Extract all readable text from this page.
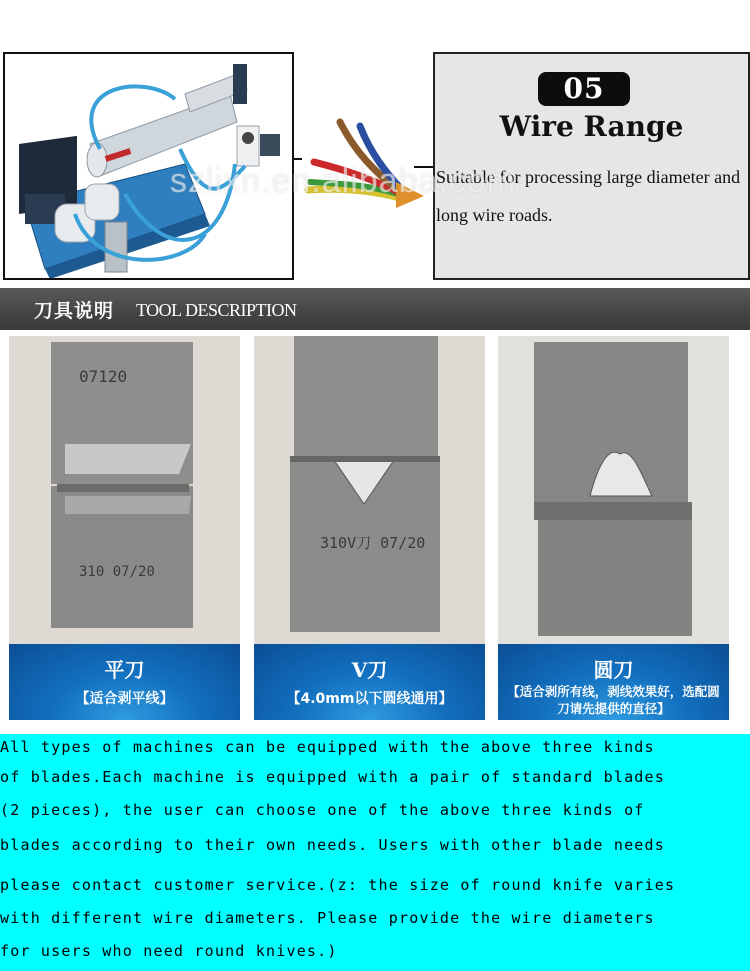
05
Wire Range
Suitable for processing large diameter and long wire roads.
szlixn.en.alibaba.com
刀具说明 TOOL DESCRIPTION
07120
310 07/20
平刀
【适合剥平线】
310V刀 07/20
V刀
【4.0mm以下圆线通用】
圆刀
【适合剥所有线，剥线效果好，选配圆刀请先提供的直径】
All types of machines can be equipped with the above three kinds
of blades.Each machine is equipped with a pair of standard blades
(2 pieces), the user can choose one of the above three kinds of
blades according to their own needs. Users with other blade needs
please contact customer service.(z: the size of round knife varies
with different wire diameters. Please provide the wire diameters
for users who need round knives.)
